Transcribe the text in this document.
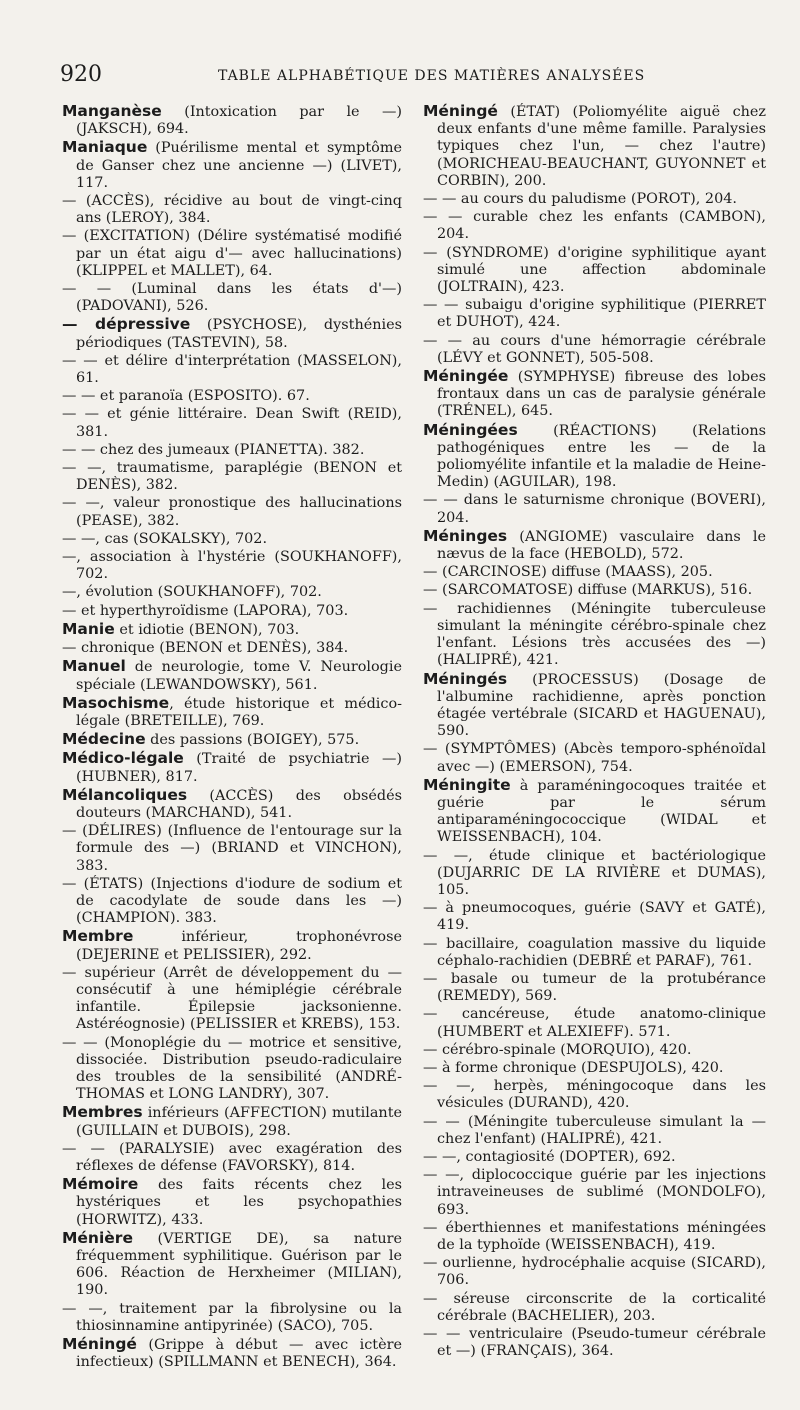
920	TABLE ALPHABÉTIQUE DES MATIÈRES ANALYSÉES

Manganèse (Intoxication par le —) (JAKSCH), 694.

Maniaque (Puérilisme mental et symptôme de Ganser chez une ancienne —) (LIVET), 117.

— (ACCÈS), récidive au bout de vingt-cinq ans (LEROY), 384.

— (EXCITATION) (Délire systématisé modifié par un état aigu d'— avec hallucinations) (KLIPPEL et MALLET), 64.

— — (Luminal dans les états d'—) (PADOVANI), 526.

— dépressive (PSYCHOSE), dysthénies périodiques (TASTEVIN), 58.

— — et délire d'interprétation (MASSELON), 61.

— — et paranoïa (ESPOSITO). 67.

— — et génie littéraire. Dean Swift (REID), 381.

— — chez des jumeaux (PIANETTA). 382.

— —, traumatisme, paraplégie (BENON et DENÈS), 382.

— —, valeur pronostique des hallucinations (PEASE), 382.

— —, cas (SOKALSKY), 702.

—, association à l'hystérie (SOUKHANOFF), 702.

—, évolution (SOUKHANOFF), 702.

— et hyperthyroïdisme (LAPORA), 703.

Manie et idiotie (BENON), 703.

— chronique (BENON et DENÈS), 384.

Manuel de neurologie, tome V. Neurologie spéciale (LEWANDOWSKY), 561.

Masochisme, étude historique et médico-légale (BRETEILLE), 769.

Médecine des passions (BOIGEY), 575.

Médico-légale (Traité de psychiatrie —) (HUBNER), 817.

Mélancoliques (ACCÈS) des obsédés douteurs (MARCHAND), 541.

— (DÉLIRES) (Influence de l'entourage sur la formule des —) (BRIAND et VINCHON), 383.

— (ÉTATS) (Injections d'iodure de sodium et de cacodylate de soude dans les —) (CHAMPION). 383.

Membre inférieur, trophonévrose (DEJERINE et PELISSIER), 292.

— supérieur (Arrêt de développement du — consécutif à une hémiplégie cérébrale infantile. Épilepsie jacksonienne. Astéréognosie) (PELISSIER et KREBS), 153.

— — (Monoplégie du — motrice et sensitive, dissociée. Distribution pseudo-radiculaire des troubles de la sensibilité (ANDRÉ-THOMAS et LONG LANDRY), 307.

Membres inférieurs (AFFECTION) mutilante (GUILLAIN et DUBOIS), 298.

— — (PARALYSIE) avec exagération des réflexes de défense (FAVORSKY), 814.

Mémoire des faits récents chez les hystériques et les psychopathies (HORWITZ), 433.

Ménière (VERTIGE DE), sa nature fréquemment syphilitique. Guérison par le 606. Réaction de Herxheimer (MILIAN), 190.

— —, traitement par la fibrolysine ou la thiosinnamine antipyrinée) (SACO), 705.

Méningé (Grippe à début — avec ictère infectieux) (SPILLMANN et BENECH), 364.

Méningé (ÉTAT) (Poliomyélite aiguë chez deux enfants d'une même famille. Paralysies typiques chez l'un, — chez l'autre) (MORICHEAU-BEAUCHANT, GUYONNET et CORBIN), 200.

— — au cours du paludisme (POROT), 204.

— — curable chez les enfants (CAMBON), 204.

— (SYNDROME) d'origine syphilitique ayant simulé une affection abdominale (JOLTRAIN), 423.

— — subaigu d'origine syphilitique (PIERRET et DUHOT), 424.

— — au cours d'une hémorragie cérébrale (LÉVY et GONNET), 505-508.

Méningée (SYMPHYSE) fibreuse des lobes frontaux dans un cas de paralysie générale (TRÉNEL), 645.

Méningées (RÉACTIONS) (Relations pathogéniques entre les — de la poliomyélite infantile et la maladie de Heine-Medin) (AGUILAR), 198.

— — dans le saturnisme chronique (BOVERI), 204.

Méninges (ANGIOME) vasculaire dans le nævus de la face (HEBOLD), 572.

— (CARCINOSE) diffuse (MAASS), 205.

— (SARCOMATOSE) diffuse (MARKUS), 516.

— rachidiennes (Méningite tuberculeuse simulant la méningite cérébro-spinale chez l'enfant. Lésions très accusées des —) (HALIPRÉ), 421.

Méningés (PROCESSUS) (Dosage de l'albumine rachidienne, après ponction étagée vertébrale (SICARD et HAGUENAU), 590.

— (SYMPTÔMES) (Abcès temporo-sphénoïdal avec —) (EMERSON), 754.

Méningite à paraméningocoques traitée et guérie par le sérum antiparaméningococcique (WIDAL et WEISSENBACH), 104.

— —, étude clinique et bactériologique (DUJARRIC DE LA RIVIÈRE et DUMAS), 105.

— à pneumocoques, guérie (SAVY et GATÉ), 419.

— bacillaire, coagulation massive du liquide céphalo-rachidien (DEBRÉ et PARAF), 761.

— basale ou tumeur de la protubérance (REMEDY), 569.

— cancéreuse, étude anatomo-clinique (HUMBERT et ALEXIEFF). 571.

— cérébro-spinale (MORQUIO), 420.

— à forme chronique (DESPUJOLS), 420.

— —, herpès, méningocoque dans les vésicules (DURAND), 420.

— — (Méningite tuberculeuse simulant la — chez l'enfant) (HALIPRÉ), 421.

— —, contagiosité (DOPTER), 692.

— —, diplococcique guérie par les injections intraveineuses de sublimé (MONDOLFO), 693.

— éberthiennes et manifestations méningées de la typhoïde (WEISSENBACH), 419.

— ourlienne, hydrocéphalie acquise (SICARD), 706.

— séreuse circonscrite de la corticalité cérébrale (BACHELIER), 203.

— — ventriculaire (Pseudo-tumeur cérébrale et —) (FRANÇAIS), 364.
